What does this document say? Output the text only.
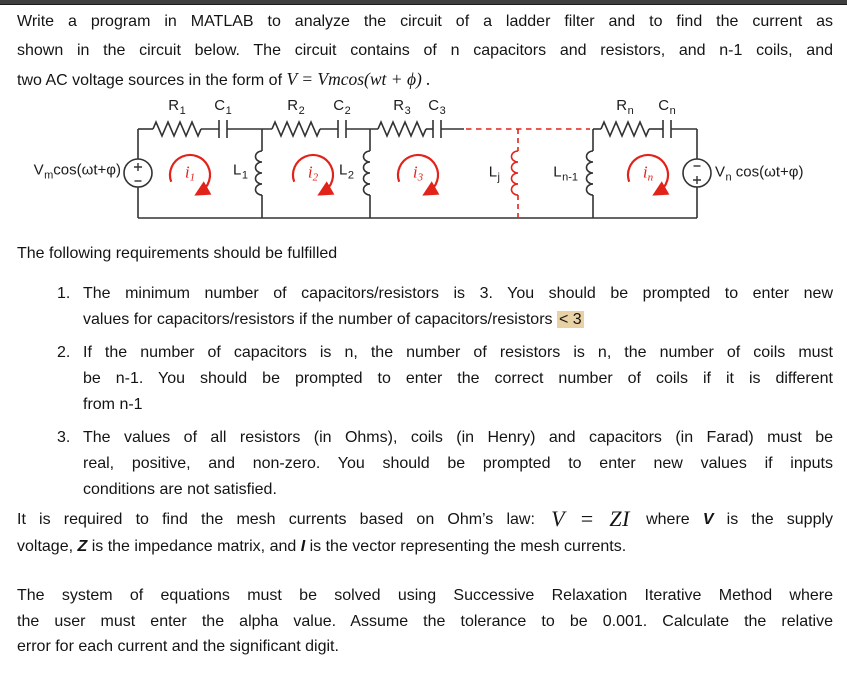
Write a program in MATLAB to analyze the circuit of a ladder filter and to find the current as
shown in the circuit below. The circuit contains of n capacitors and resistors, and n-1 coils, and
two AC voltage sources in the form of V = Vmcos(wt + ϕ) .
$R_1$ $C_1$	$R_2$ $C_2$	$R_3$ $C_3$	$R_n$ $C_n$
$L_1$	$L_2$	$L_j$	$L_{n-1}$
$i_1$	$i_2$	$i_3$	$i_n$
$V_m\cos(\omega t+\varphi)$	$V_n$ cos(ωt+φ)
The following requirements should be fulfilled
1. The minimum number of capacitors/resistors is 3. You should be prompted to enter new
values for capacitors/resistors if the number of capacitors/resistors < 3
2. If the number of capacitors is n, the number of resistors is n, the number of coils must
be n-1. You should be prompted to enter the correct number of coils if it is different
from n-1
3. The values of all resistors (in Ohms), coils (in Henry) and capacitors (in Farad) must be
real, positive, and non-zero. You should be prompted to enter new values if inputs
conditions are not satisfied.
It is required to find the mesh currents based on Ohm’s law: V = ZI where V is the supply
voltage, Z is the impedance matrix, and I is the vector representing the mesh currents.
The system of equations must be solved using Successive Relaxation Iterative Method where
the user must enter the alpha value. Assume the tolerance to be 0.001. Calculate the relative
error for each current and the significant digit.
